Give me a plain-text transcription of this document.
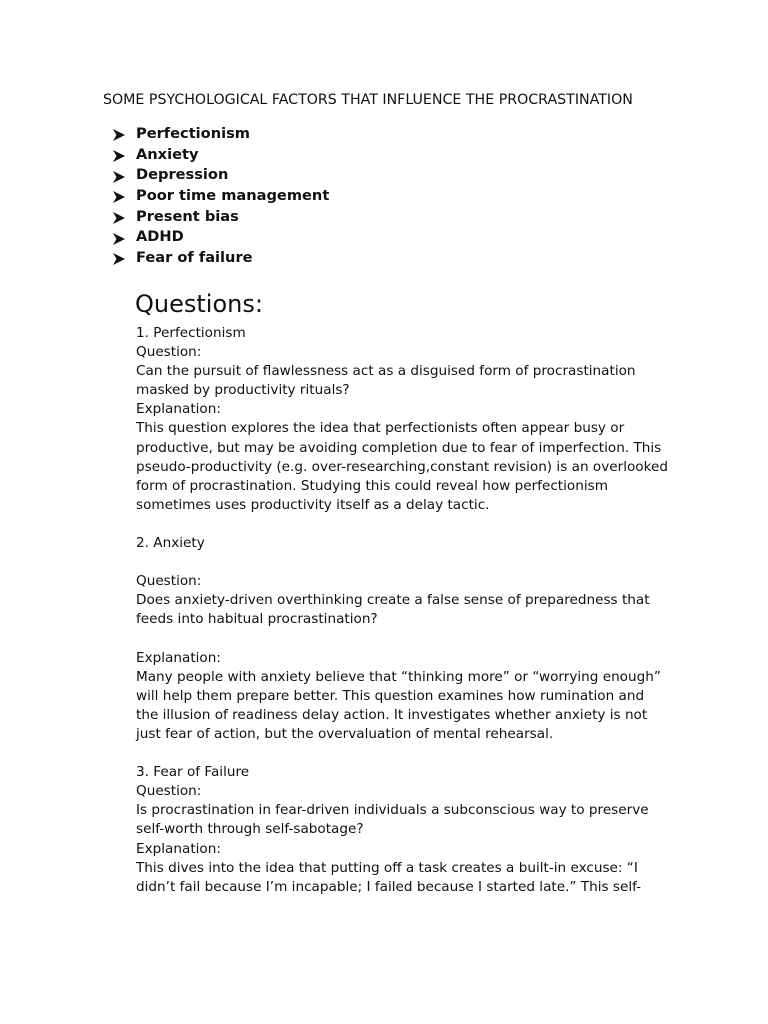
SOME PSYCHOLOGICAL FACTORS THAT INFLUENCE THE PROCRASTINATION
Perfectionism
Anxiety
Depression
Poor time management
Present bias
ADHD
Fear of failure
Questions:

1. Perfectionism

Question:

Can the pursuit of flawlessness act as a disguised form of procrastination

masked by productivity rituals?

Explanation:

This question explores the idea that perfectionists often appear busy or

productive, but may be avoiding completion due to fear of imperfection. This

pseudo-productivity (e.g. over-researching,constant revision) is an overlooked

form of procrastination. Studying this could reveal how perfectionism

sometimes uses productivity itself as a delay tactic.

2. Anxiety

Question:

Does anxiety-driven overthinking create a false sense of preparedness that

feeds into habitual procrastination?

Explanation:

Many people with anxiety believe that “thinking more” or “worrying enough”

will help them prepare better. This question examines how rumination and

the illusion of readiness delay action. It investigates whether anxiety is not

just fear of action, but the overvaluation of mental rehearsal.

3. Fear of Failure

Question:

Is procrastination in fear-driven individuals a subconscious way to preserve

self-worth through self-sabotage?

Explanation:

This dives into the idea that putting off a task creates a built-in excuse: “I

didn’t fail because I’m incapable; I failed because I started late.” This self-
